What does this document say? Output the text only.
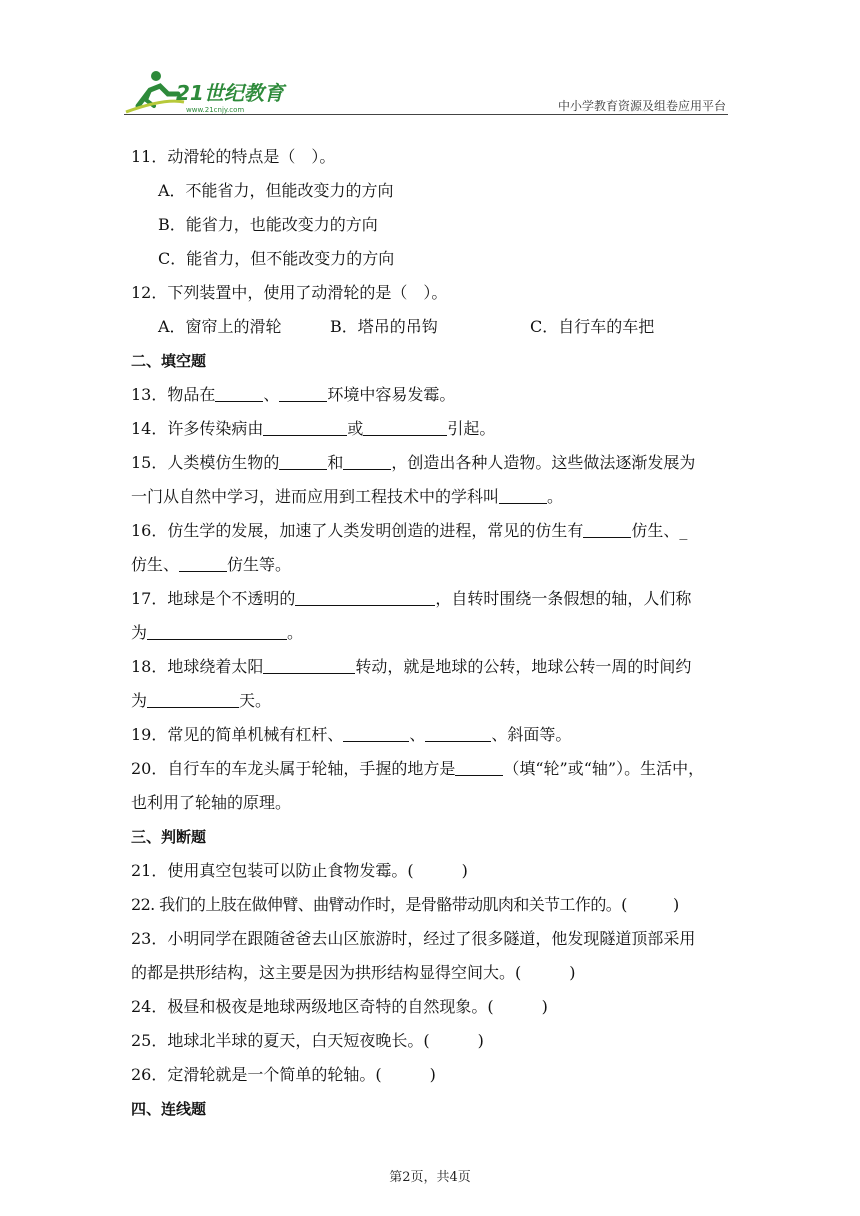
21世纪教育
www.21cnjy.com	中小学教育资源及组卷应用平台
11．动滑轮的特点是（　）。
A．不能省力，但能改变力的方向
B．能省力，也能改变力的方向
C．能省力，但不能改变力的方向
12．下列装置中，使用了动滑轮的是（　）。
A．窗帘上的滑轮	B．塔吊的吊钩	C．自行车的车把
二、填空题
13．物品在	、	环境中容易发霉。
14．许多传染病由	或	引起。
15．人类模仿生物的	和	，创造出各种人造物。这些做法逐渐发展为
一门从自然中学习，进而应用到工程技术中的学科叫	。
16．仿生学的发展，加速了人类发明创造的进程，常见的仿生有	仿生、_
仿生、	仿生等。
17．地球是个不透明的	，自转时围绕一条假想的轴，人们称
为	。
18．地球绕着太阳	转动，就是地球的公转，地球公转一周的时间约
为	天。
19．常见的简单机械有杠杆、	、	、斜面等。
20．自行车的车龙头属于轮轴，手握的地方是	（填“轮”或“轴”）。生活中，
也利用了轮轴的原理。
三、判断题
21．使用真空包装可以防止食物发霉。(　　　)
22. 我们的上肢在做伸臂、曲臂动作时，是骨骼带动肌肉和关节工作的。(　　　)
23．小明同学在跟随爸爸去山区旅游时，经过了很多隧道，他发现隧道顶部采用
的都是拱形结构，这主要是因为拱形结构显得空间大。(　　　)
24．极昼和极夜是地球两级地区奇特的自然现象。(　　　)
25．地球北半球的夏天，白天短夜晚长。(　　　)
26．定滑轮就是一个简单的轮轴。(　　　)
四、连线题
第2页，共4页
